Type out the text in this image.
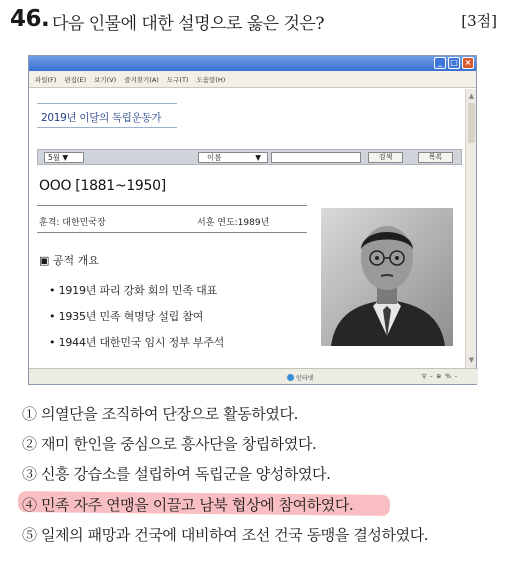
46. 다음 인물에 대한 설명으로 옳은 것은?	[3점]
_	□ ×
파일(F) 편집(E) 보기(V) 즐겨찾기(A) 도구(T) 도움말(H)
2019년 이달의 독립운동가
5월 ▼	이름	▼	검색	목록
OOO [1881~1950]
훈격: 대한민국장	서훈 연도:1989년
▣ 공적 개요
• 1919년 파리 강화 회의 민족 대표
• 1935년 민족 혁명당 설립 참여
• 1944년 대한민국 임시 정부 부주석
▲
▼
인터넷	⚲ - ⊕ % -
① 의열단을 조직하여 단장으로 활동하였다.
② 재미 한인을 중심으로 흥사단을 창립하였다.
③ 신흥 강습소를 설립하여 독립군을 양성하였다.
④ 민족 자주 연맹을 이끌고 남북 협상에 참여하였다.
⑤ 일제의 패망과 건국에 대비하여 조선 건국 동맹을 결성하였다.
